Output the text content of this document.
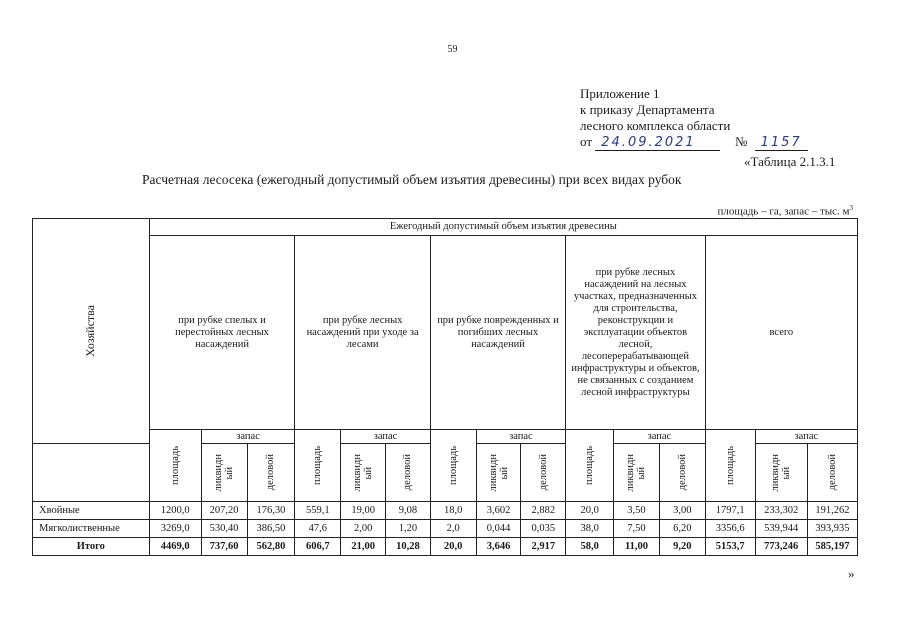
59
Приложение 1
к приказу Департамента
лесного комплекса области
от 24.09.2021	№ 1157
«Таблица 2.1.3.1
Расчетная лесосека (ежегодный допустимый объем изъятия древесины) при всех видах рубок
площадь – га, запас – тыс. $м^3$
Хозяйства	Ежегодный допустимый объем изъятия древесины														
	при рубке спелых и перестойных лесных насаждений			при рубке лесных насаждений при уходе за лесами			при рубке поврежденных и погибших лесных насаждений			при рубке лесных насаждений на лесных участках, предназначенных для строительства, реконструкции и эксплуатации объектов лесной, лесоперерабатывающей инфраструктуры и объектов, не связанных с созданием лесной инфраструктуры			всего		

	площадь	запас		площадь	запас		площадь	запас		площадь	запас		площадь	запас	

		ликвидн
ый	деловой		ликвидн
ый	деловой		ликвидн
ый	деловой		ликвидн
ый	деловой		ликвидн
ый	деловой

Хвойные	1200,0	207,20	176,30	559,1	19,00	9,08	18,0	3,602	2,882	20,0	3,50	3,00	1797,1	233,302	191,262
Мягколиственные	3269,0	530,40	386,50	47,6	2,00	1,20	2,0	0,044	0,035	38,0	7,50	6,20	3356,6	539,944	393,935
Итого	4469,0	737,60	562,80	606,7	21,00	10,28	20,0	3,646	2,917	58,0	11,00	9,20	5153,7	773,246	585,197
»
